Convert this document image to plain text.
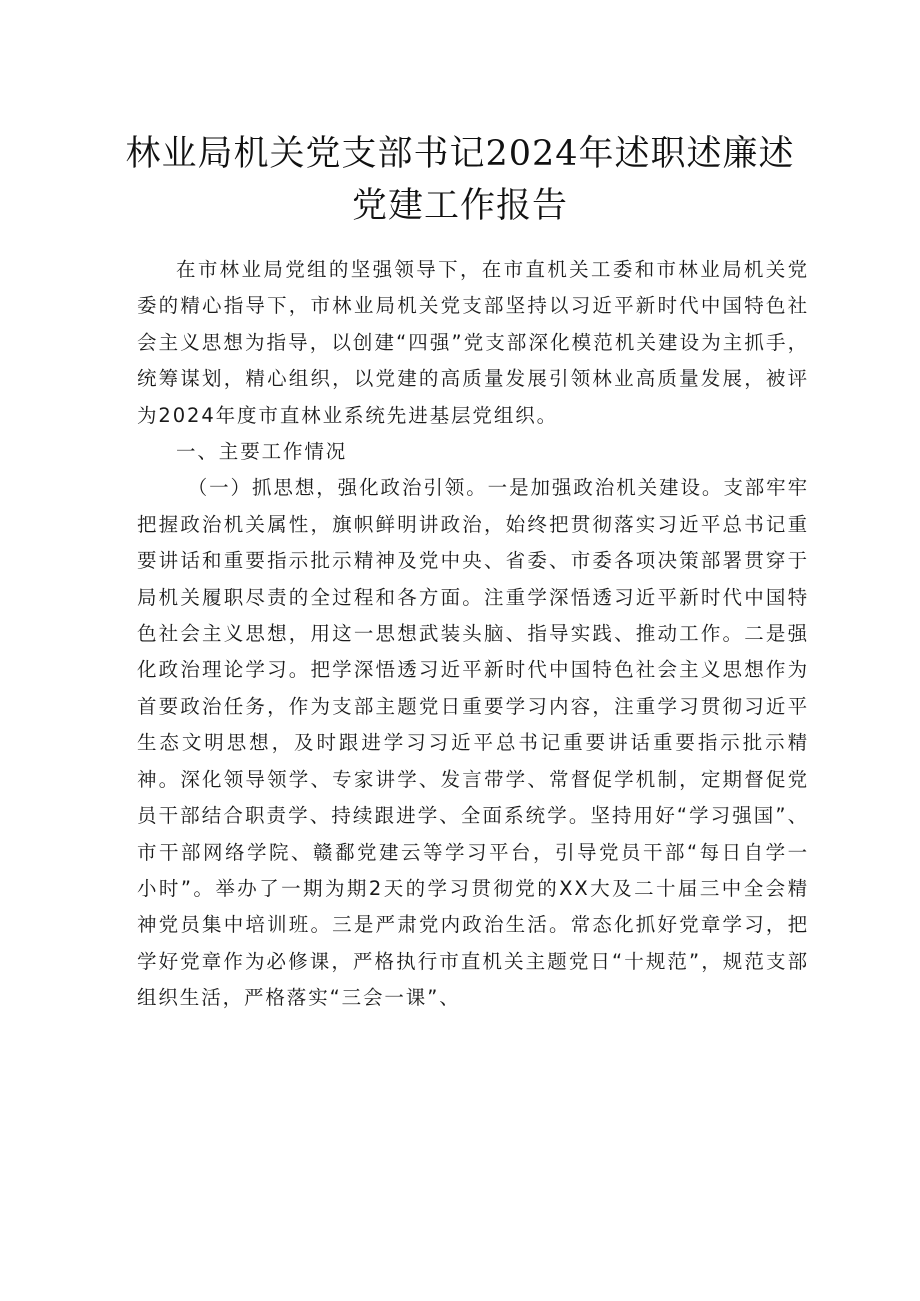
林业局机关党支部书记2024年述职述廉述
党建工作报告

在市林业局党组的坚强领导下，在市直机关工委和市林业局机关党委的精心指导下，市林业局机关党支部坚持以习近平新时代中国特色社会主义思想为指导，以创建“四强”党支部深化模范机关建设为主抓手，统筹谋划，精心组织，以党建的高质量发展引领林业高质量发展，被评为2024年度市直林业系统先进基层党组织。

一、主要工作情况

（一）抓思想，强化政治引领。一是加强政治机关建设。支部牢牢把握政治机关属性，旗帜鲜明讲政治，始终把贯彻落实习近平总书记重要讲话和重要指示批示精神及党中央、省委、市委各项决策部署贯穿于局机关履职尽责的全过程和各方面。注重学深悟透习近平新时代中国特色社会主义思想，用这一思想武装头脑、指导实践、推动工作。二是强化政治理论学习。把学深悟透习近平新时代中国特色社会主义思想作为首要政治任务，作为支部主题党日重要学习内容，注重学习贯彻习近平生态文明思想，及时跟进学习习近平总书记重要讲话重要指示批示精神。深化领导领学、专家讲学、发言带学、常督促学机制，定期督促党员干部结合职责学、持续跟进学、全面系统学。坚持用好“学习强国”、市干部网络学院、赣鄱党建云等学习平台，引导党员干部“每日自学一小时”。举办了一期为期2天的学习贯彻党的XX大及二十届三中全会精神党员集中培训班。三是严肃党内政治生活。常态化抓好党章学习，把学好党章作为必修课，严格执行市直机关主题党日“十规范”，规范支部组织生活，严格落实“三会一课”、
